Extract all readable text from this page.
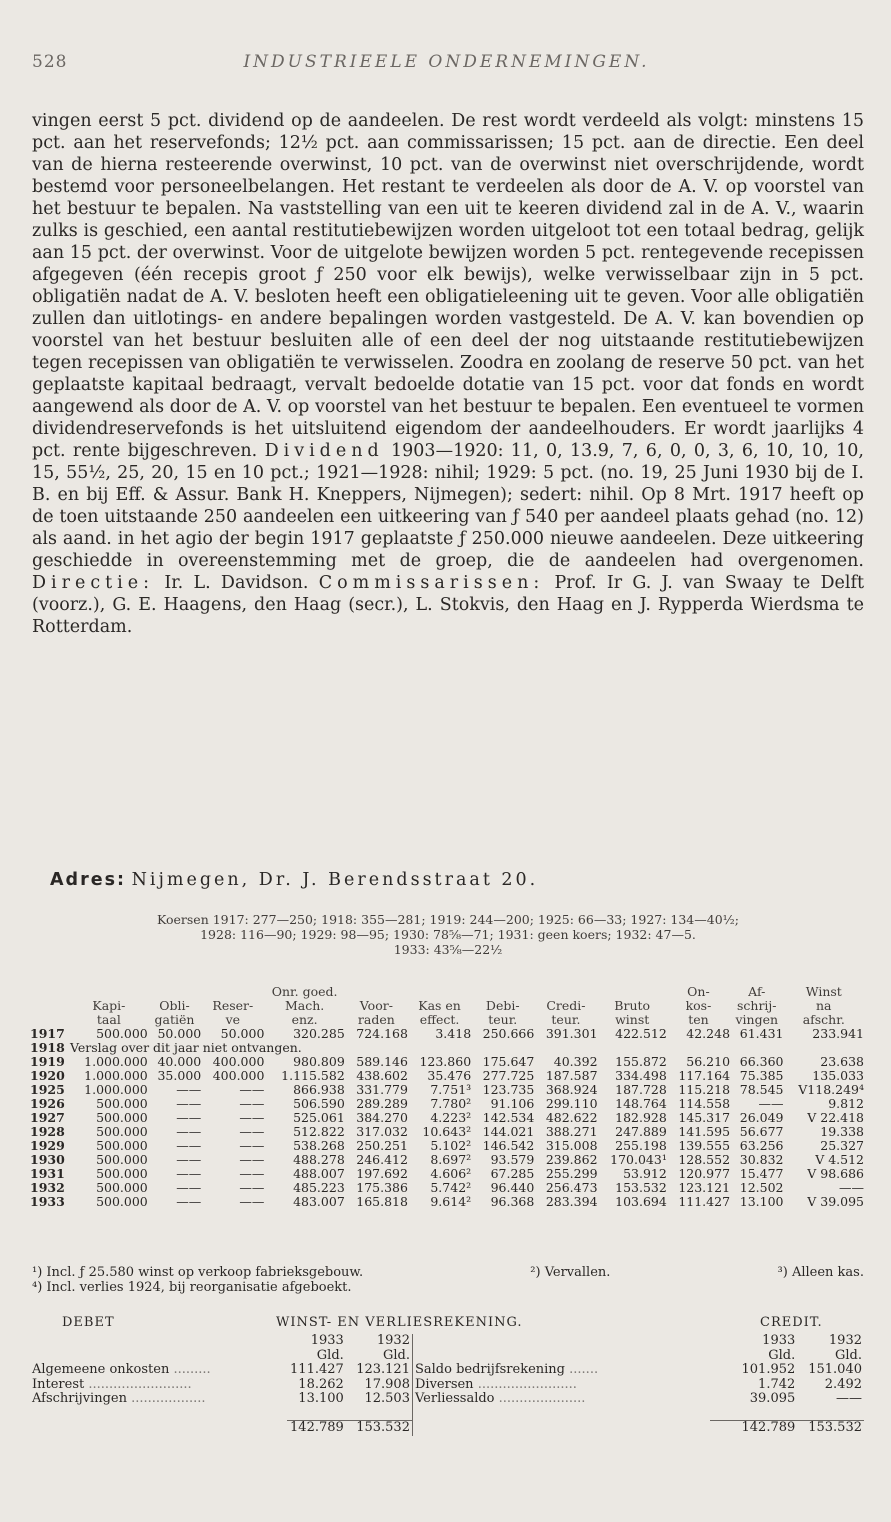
528	INDUSTRIEELE ONDERNEMINGEN.

vingen eerst 5 pct. dividend op de aandeelen. De rest wordt verdeeld als volgt: minstens 15 pct. aan het reservefonds; 12½ pct. aan commissarissen; 15 pct. aan de directie. Een deel van de hierna resteerende overwinst, 10 pct. van de overwinst niet overschrijdende, wordt bestemd voor personeelbelangen. Het restant te verdeelen als door de A. V. op voorstel van het bestuur te bepalen. Na vaststelling van een uit te keeren dividend zal in de A. V., waarin zulks is geschied, een aantal restitutiebewijzen worden uitgeloot tot een totaal bedrag, gelijk aan 15 pct. der overwinst. Voor de uitgelote bewijzen worden 5 pct. rentegevende recepissen afgegeven (één recepis groot ƒ 250 voor elk bewijs), welke verwisselbaar zijn in 5 pct. obligatiën nadat de A. V. besloten heeft een obligatieleening uit te geven. Voor alle obligatiën zullen dan uitlotings- en andere bepalingen worden vastgesteld. De A. V. kan bovendien op voorstel van het bestuur besluiten alle of een deel der nog uitstaande restitutiebewijzen tegen recepissen van obligatiën te verwisselen. Zoodra en zoolang de reserve 50 pct. van het geplaatste kapitaal bedraagt, vervalt bedoelde dotatie van 15 pct. voor dat fonds en wordt aangewend als door de A. V. op voorstel van het bestuur te bepalen. Een eventueel te vormen dividendreservefonds is het uitsluitend eigendom der aandeelhouders. Er wordt jaarlijks 4 pct. rente bijgeschreven. Dividend 1903—1920: 11, 0, 13.9, 7, 6, 0, 0, 3, 6, 10, 10, 10, 15, 55½, 25, 20, 15 en 10 pct.; 1921—1928: nihil; 1929: 5 pct. (no. 19, 25 Juni 1930 bij de I. B. en bij Eff. & Assur. Bank H. Kneppers, Nijmegen); sedert: nihil. Op 8 Mrt. 1917 heeft op de toen uitstaande 250 aandeelen een uitkeering van ƒ 540 per aandeel plaats gehad (no. 12) als aand. in het agio der begin 1917 geplaatste ƒ 250.000 nieuwe aandeelen. Deze uitkeering geschiedde in overeenstemming met de groep, die de aandeelen had overgenomen. Directie: Ir. L. Davidson. Commissarissen: Prof. Ir G. J. van Swaay te Delft (voorz.), G. E. Haagens, den Haag (secr.), L. Stokvis, den Haag en J. Rypperda Wierdsma te Rotterdam.

Adres: Nijmegen, Dr. J. Berendsstraat 20.
Koersen 1917: 277—250; 1918: 355—281; 1919: 244—200; 1925: 66—33; 1927: 134—40½;
1928: 116—90; 1929: 98—95; 1930: 78⅝—71; 1931: geen koers; 1932: 47—5.
1933: 43⅝—22½
				Onr. goed.						On-	Af-	Winst
	Kapi-	Obli-	Reser-	Mach.	Voor-	Kas en	Debi-	Credi-	Bruto	kos-	schrij-	na
	taal	gatiën	ve	enz.	raden	effect.	teur.	teur.	winst	ten	vingen	afschr.
1917	500.000	50.000	50.000	320.285	724.168	3.418	250.666	391.301	422.512	42.248	61.431	233.941
1918	Verslag over dit jaar niet ontvangen.											
1919	1.000.000	40.000	400.000	980.809	589.146	123.860	175.647	40.392	155.872	56.210	66.360	23.638
1920	1.000.000	35.000	400.000	1.115.582	438.602	35.476	277.725	187.587	334.498	117.164	75.385	135.033
1925	1.000.000	——	——	866.938	331.779	7.751³	123.735	368.924	187.728	115.218	78.545	V118.249⁴
1926	500.000	——	——	506.590	289.289	7.780²	91.106	299.110	148.764	114.558	——	9.812
1927	500.000	——	——	525.061	384.270	4.223²	142.534	482.622	182.928	145.317	26.049	V 22.418
1928	500.000	——	——	512.822	317.032	10.643²	144.021	388.271	247.889	141.595	56.677	19.338
1929	500.000	——	——	538.268	250.251	5.102²	146.542	315.008	255.198	139.555	63.256	25.327
1930	500.000	——	——	488.278	246.412	8.697²	93.579	239.862	170.043¹	128.552	30.832	V 4.512
1931	500.000	——	——	488.007	197.692	4.606²	67.285	255.299	53.912	120.977	15.477	V 98.686
1932	500.000	——	——	485.223	175.386	5.742²	96.440	256.473	153.532	123.121	12.502	——
1933	500.000	——	——	483.007	165.818	9.614²	96.368	283.394	103.694	111.427	13.100	V 39.095
¹) Incl. ƒ 25.580 winst op verkoop fabrieksgebouw.	²) Vervallen.	³) Alleen kas.
⁴) Incl. verlies 1924, bij reorganisatie afgeboekt.
DEBET	WINST- EN VERLIESREKENING.	CREDIT.
	1933	1932		1933	1932
	Gld.	Gld.		Gld.	Gld.
Algemeene onkosten .........	111.427	123.121	Saldo bedrijfsrekening .......	101.952	151.040
Interest .........................	18.262	17.908	Diversen ........................	1.742	2.492
Afschrijvingen ..................	13.100	12.503	Verliessaldo .....................	39.095	——

	142.789	153.532		142.789	153.532
